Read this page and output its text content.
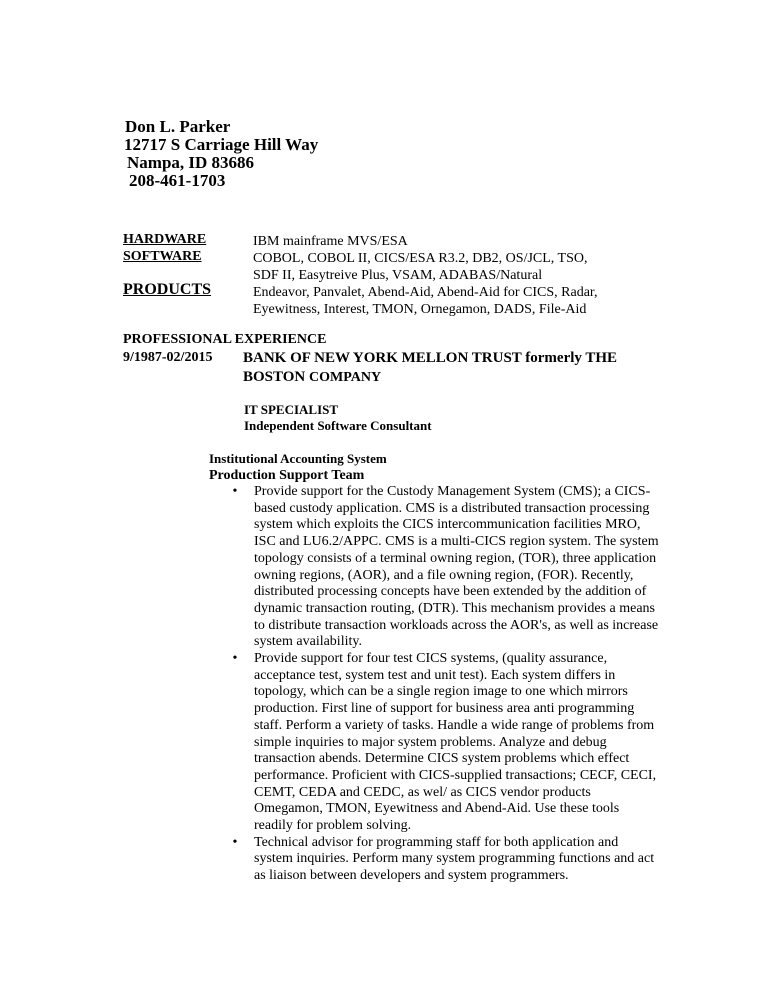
Don L. Parker
12717 S Carriage Hill Way
Nampa, ID 83686
208-461-1703
HARDWARE
SOFTWARE
PRODUCTS
IBM mainframe MVS/ESA
COBOL, COBOL II, CICS/ESA R3.2, DB2, OS/JCL, TSO,
SDF II, Easytreive Plus, VSAM, ADABAS/Natural
Endeavor, Panvalet, Abend-Aid, Abend-Aid for CICS, Radar,
Eyewitness, Interest, TMON, Ornegamon, DADS, File-Aid
PROFESSIONAL EXPERIENCE
9/1987-02/2015 BANK OF NEW YORK MELLON TRUST formerly THE
BOSTON COMPANY
IT SPECIALIST
Independent Software Consultant
Institutional Accounting System
Production Support Team
• Provide support for the Custody Management System (CMS); a CICS-based custody application. CMS is a distributed transaction processing system which exploits the CICS intercommunication facilities MRO, ISC and LU6.2/APPC. CMS is a multi-CICS region system. The system topology consists of a terminal owning region, (TOR), three application owning regions, (AOR), and a file owning region, (FOR). Recently, distributed processing concepts have been extended by the addition of dynamic transaction routing, (DTR). This mechanism provides a means to distribute transaction workloads across the AOR's, as well as increase system availability.

• Provide support for four test CICS systems, (quality assurance, acceptance test, system test and unit test). Each system differs in topology, which can be a single region image to one which mirrors production. First line of support for business area anti programming staff. Perform a variety of tasks. Handle a wide range of problems from simple inquiries to major system problems. Analyze and debug transaction abends. Determine CICS system problems which effect performance. Proficient with CICS-supplied transactions; CECF, CECI, CEMT, CEDA and CEDC, as wel/ as CICS vendor products Omegamon, TMON, Eyewitness and Abend-Aid. Use these tools readily for problem solving.

• Technical advisor for programming staff for both application and system inquiries. Perform many system programming functions and act as liaison between developers and system programmers.
